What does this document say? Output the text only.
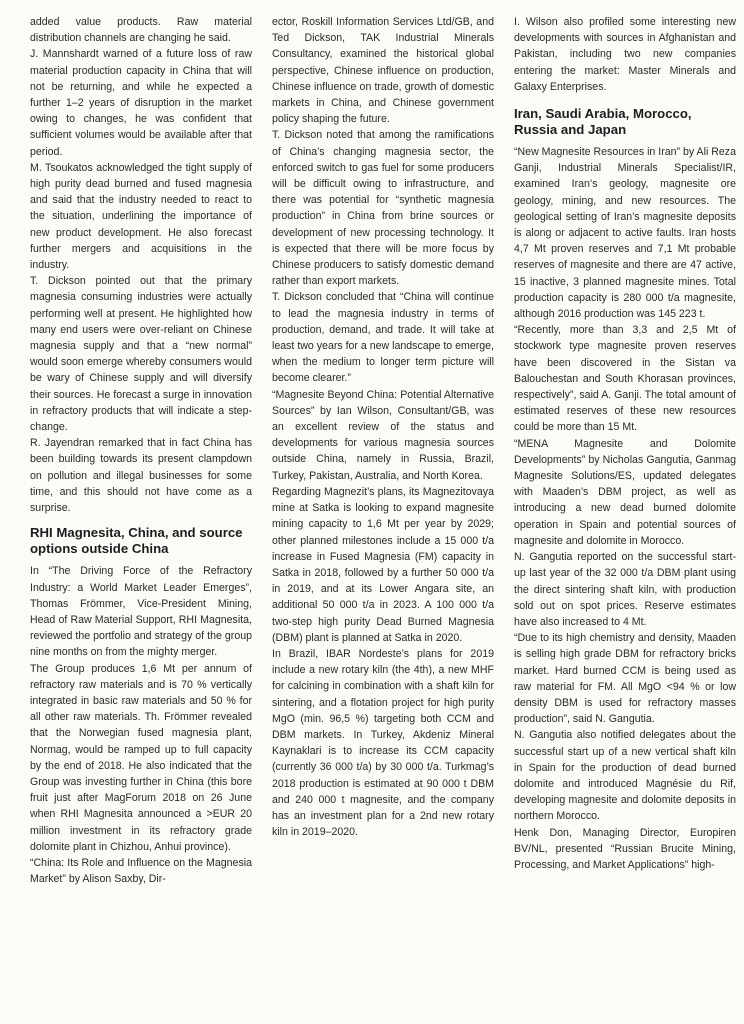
added value products. Raw material distribution channels are changing he said.

J. Mannshardt warned of a future loss of raw material production capacity in China that will not be returning, and while he expected a further 1–2 years of disruption in the market owing to changes, he was confident that sufficient volumes would be available after that period.

M. Tsoukatos acknowledged the tight supply of high purity dead burned and fused magnesia and said that the industry needed to react to the situation, underlining the importance of new product development. He also forecast further mergers and acquisitions in the industry.

T. Dickson pointed out that the primary magnesia consuming industries were actually performing well at present. He highlighted how many end users were over-reliant on Chinese magnesia supply and that a “new normal” would soon emerge whereby consumers would be wary of Chinese supply and will diversify their sources. He forecast a surge in innovation in refractory products that will indicate a step-change.

R. Jayendran remarked that in fact China has been building towards its present clampdown on pollution and illegal businesses for some time, and this should not have come as a surprise.

RHI Magnesita, China, and source options outside China

In “The Driving Force of the Refractory Industry: a World Market Leader Emerges”, Thomas Frömmer, Vice-President Mining, Head of Raw Material Support, RHI Magnesita, reviewed the portfolio and strategy of the group nine months on from the mighty merger.

The Group produces 1,6 Mt per annum of refractory raw materials and is 70 % vertically integrated in basic raw materials and 50 % for all other raw materials. Th. Frömmer revealed that the Norwegian fused magnesia plant, Normag, would be ramped up to full capacity by the end of 2018. He also indicated that the Group was investing further in China (this bore fruit just after MagForum 2018 on 26 June when RHI Magnesita announced a >EUR 20 million investment in its refractory grade dolomite plant in Chizhou, Anhui province).

“China: Its Role and Influence on the Magnesia Market” by Alison Saxby, Dir-

ector, Roskill Information Services Ltd/GB, and Ted Dickson, TAK Industrial Minerals Consultancy, examined the historical global perspective, Chinese influence on production, Chinese influence on trade, growth of domestic markets in China, and Chinese government policy shaping the future.

T. Dickson noted that among the ramifications of China’s changing magnesia sector, the enforced switch to gas fuel for some producers will be difficult owing to infrastructure, and there was potential for “synthetic magnesia production” in China from brine sources or development of new processing technology. It is expected that there will be more focus by Chinese producers to satisfy domestic demand rather than export markets.

T. Dickson concluded that “China will continue to lead the magnesia industry in terms of production, demand, and trade. It will take at least two years for a new landscape to emerge, when the medium to longer term picture will become clearer.”

“Magnesite Beyond China: Potential Alternative Sources” by Ian Wilson, Consultant/GB, was an excellent review of the status and developments for various magnesia sources outside China, namely in Russia, Brazil, Turkey, Pakistan, Australia, and North Korea.

Regarding Magnezit’s plans, its Magnezitovaya mine at Satka is looking to expand magnesite mining capacity to 1,6 Mt per year by 2029; other planned milestones include a 15 000 t/a increase in Fused Magnesia (FM) capacity in Satka in 2018, followed by a further 50 000 t/a in 2019, and at its Lower Angara site, an additional 50 000 t/a in 2023. A 100 000 t/a two-step high purity Dead Burned Magnesia (DBM) plant is planned at Satka in 2020.

In Brazil, IBAR Nordeste’s plans for 2019 include a new rotary kiln (the 4th), a new MHF for calcining in combination with a shaft kiln for sintering, and a flotation project for high purity MgO (min. 96,5 %) targeting both CCM and DBM markets. In Turkey, Akdeniz Mineral Kaynaklari is to increase its CCM capacity (currently 36 000 t/a) by 30 000 t/a. Turkmag’s 2018 production is estimated at 90 000 t DBM and 240 000 t magnesite, and the company has an investment plan for a 2nd new rotary kiln in 2019–2020.

I. Wilson also profiled some interesting new developments with sources in Afghanistan and Pakistan, including two new companies entering the market: Master Minerals and Galaxy Enterprises.

Iran, Saudi Arabia, Morocco, Russia and Japan

“New Magnesite Resources in Iran” by Ali Reza Ganji, Industrial Minerals Specialist/IR, examined Iran’s geology, magnesite ore geology, mining, and new resources. The geological setting of Iran’s magnesite deposits is along or adjacent to active faults. Iran hosts 4,7 Mt proven reserves and 7,1 Mt probable reserves of magnesite and there are 47 active, 15 inactive, 3 planned magnesite mines. Total production capacity is 280 000 t/a magnesite, although 2016 production was 145 223 t.

“Recently, more than 3,3 and 2,5 Mt of stockwork type magnesite proven reserves have been discovered in the Sistan va Balouchestan and South Khorasan provinces, respectively”, said A. Ganji. The total amount of estimated reserves of these new resources could be more than 15 Mt.

“MENA Magnesite and Dolomite Developments” by Nicholas Gangutia, Ganmag Magnesite Solutions/ES, updated delegates with Maaden’s DBM project, as well as introducing a new dead burned dolomite operation in Spain and potential sources of magnesite and dolomite in Morocco.

N. Gangutia reported on the successful start-up last year of the 32 000 t/a DBM plant using the direct sintering shaft kiln, with production sold out on spot prices. Reserve estimates have also increased to 4 Mt.

“Due to its high chemistry and density, Maaden is selling high grade DBM for refractory bricks market. Hard burned CCM is being used as raw material for FM. All MgO <94 % or low density DBM is used for refractory masses production”, said N. Gangutia.

N. Gangutia also notified delegates about the successful start up of a new vertical shaft kiln in Spain for the production of dead burned dolomite and introduced Magnésie du Rif, developing magnesite and dolomite deposits in northern Morocco.

Henk Don, Managing Director, Europiren BV/NL, presented “Russian Brucite Mining, Processing, and Market Applications” high-
